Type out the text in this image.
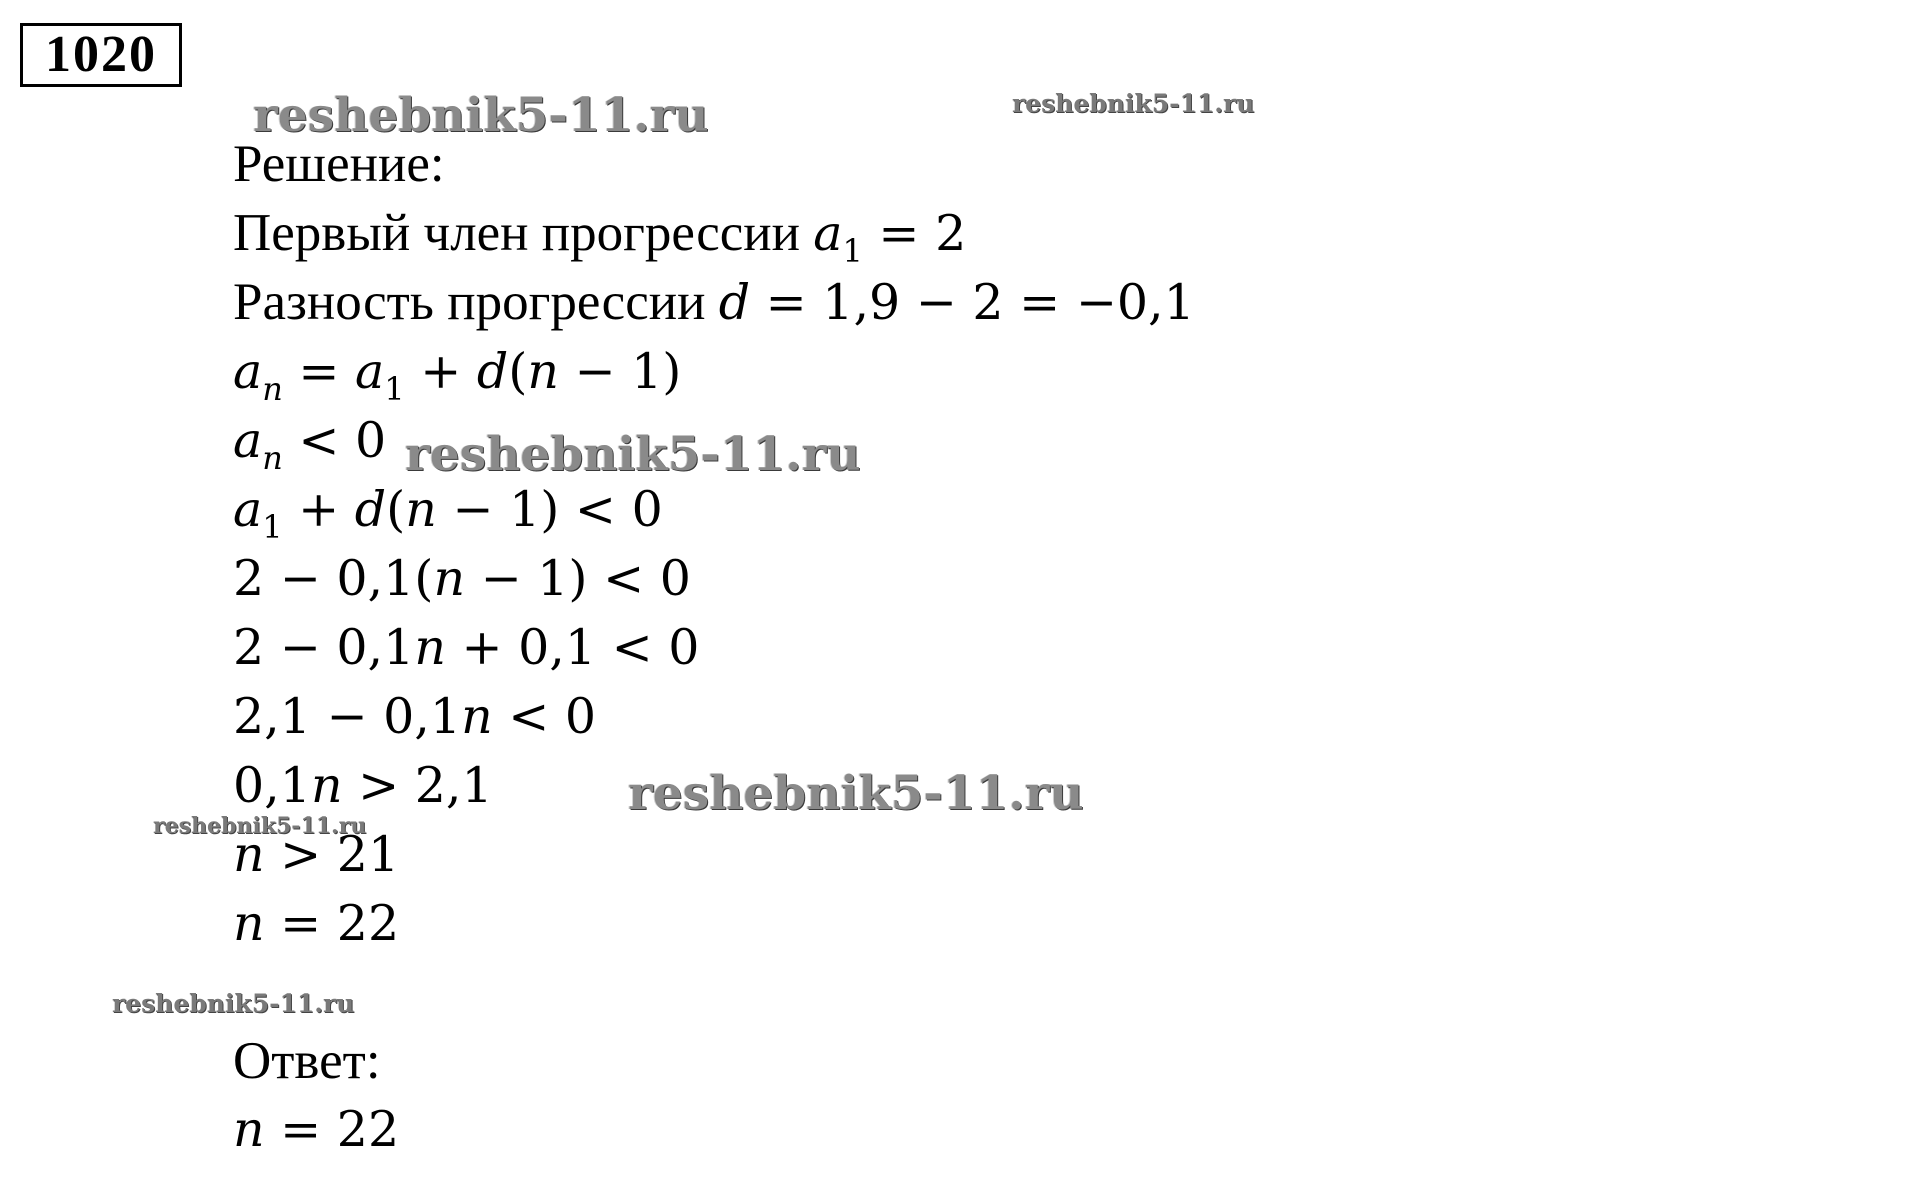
1020
reshebnik5-11.ru	reshebnik5-11.ru
reshebnik5-11.ru
reshebnik5-11.ru
reshebnik5-11.ru
reshebnik5-11.ru
Решение:
Первый член прогрессии $a_1 = 2$
Разность прогрессии d = 1,9 − 2 = −0,1
$a_n = a_1 + d(n - 1)$
$a_n < 0$
$a_1 + d(n - 1) < 0$
2 − 0,1(n − 1) < 0
2 − 0,1n + 0,1 < 0
2,1 − 0,1n < 0
0,1n > 2,1
n > 21
n = 22
Ответ:
n = 22
